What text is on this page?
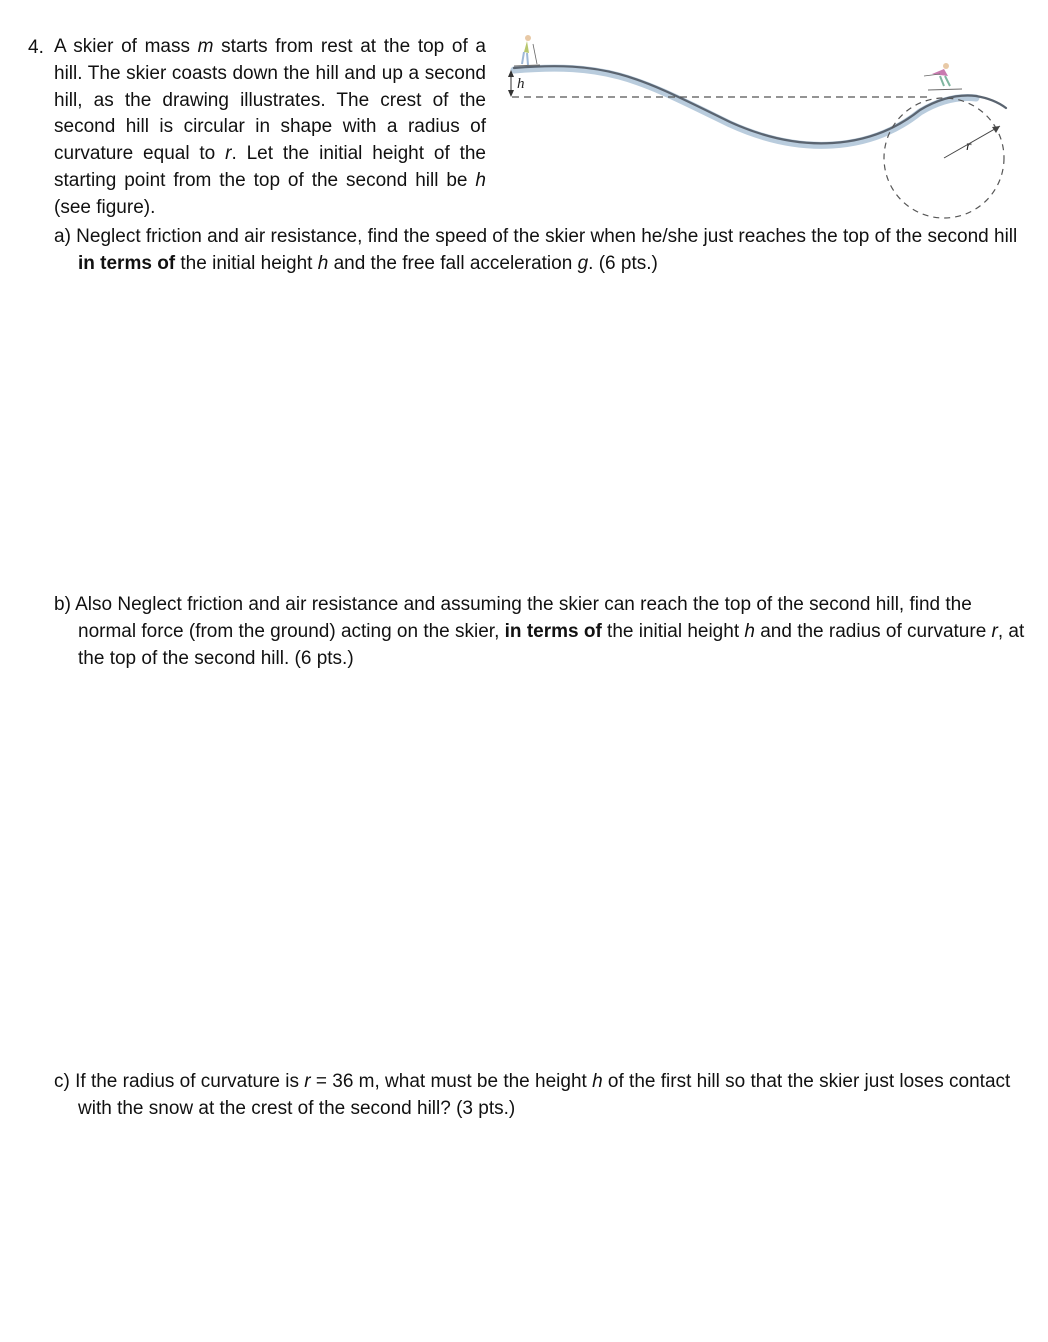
4. A skier of mass m starts from rest at the top of a hill. The skier coasts down the hill and up a second hill, as the drawing illustrates. The crest of the second hill is circular in shape with a radius of curvature equal to r. Let the initial height of the starting point from the top of the second hill be h (see figure).
h
r
a) Neglect friction and air resistance, find the speed of the skier when he/she just reaches the top of the second hill in terms of the initial height h and the free fall acceleration g. (6 pts.)
b) Also Neglect friction and air resistance and assuming the skier can reach the top of the second hill, find the normal force (from the ground) acting on the skier, in terms of the initial height h and the radius of curvature r, at the top of the second hill. (6 pts.)
c) If the radius of curvature is r = 36 m, what must be the height h of the first hill so that the skier just loses contact with the snow at the crest of the second hill? (3 pts.)
